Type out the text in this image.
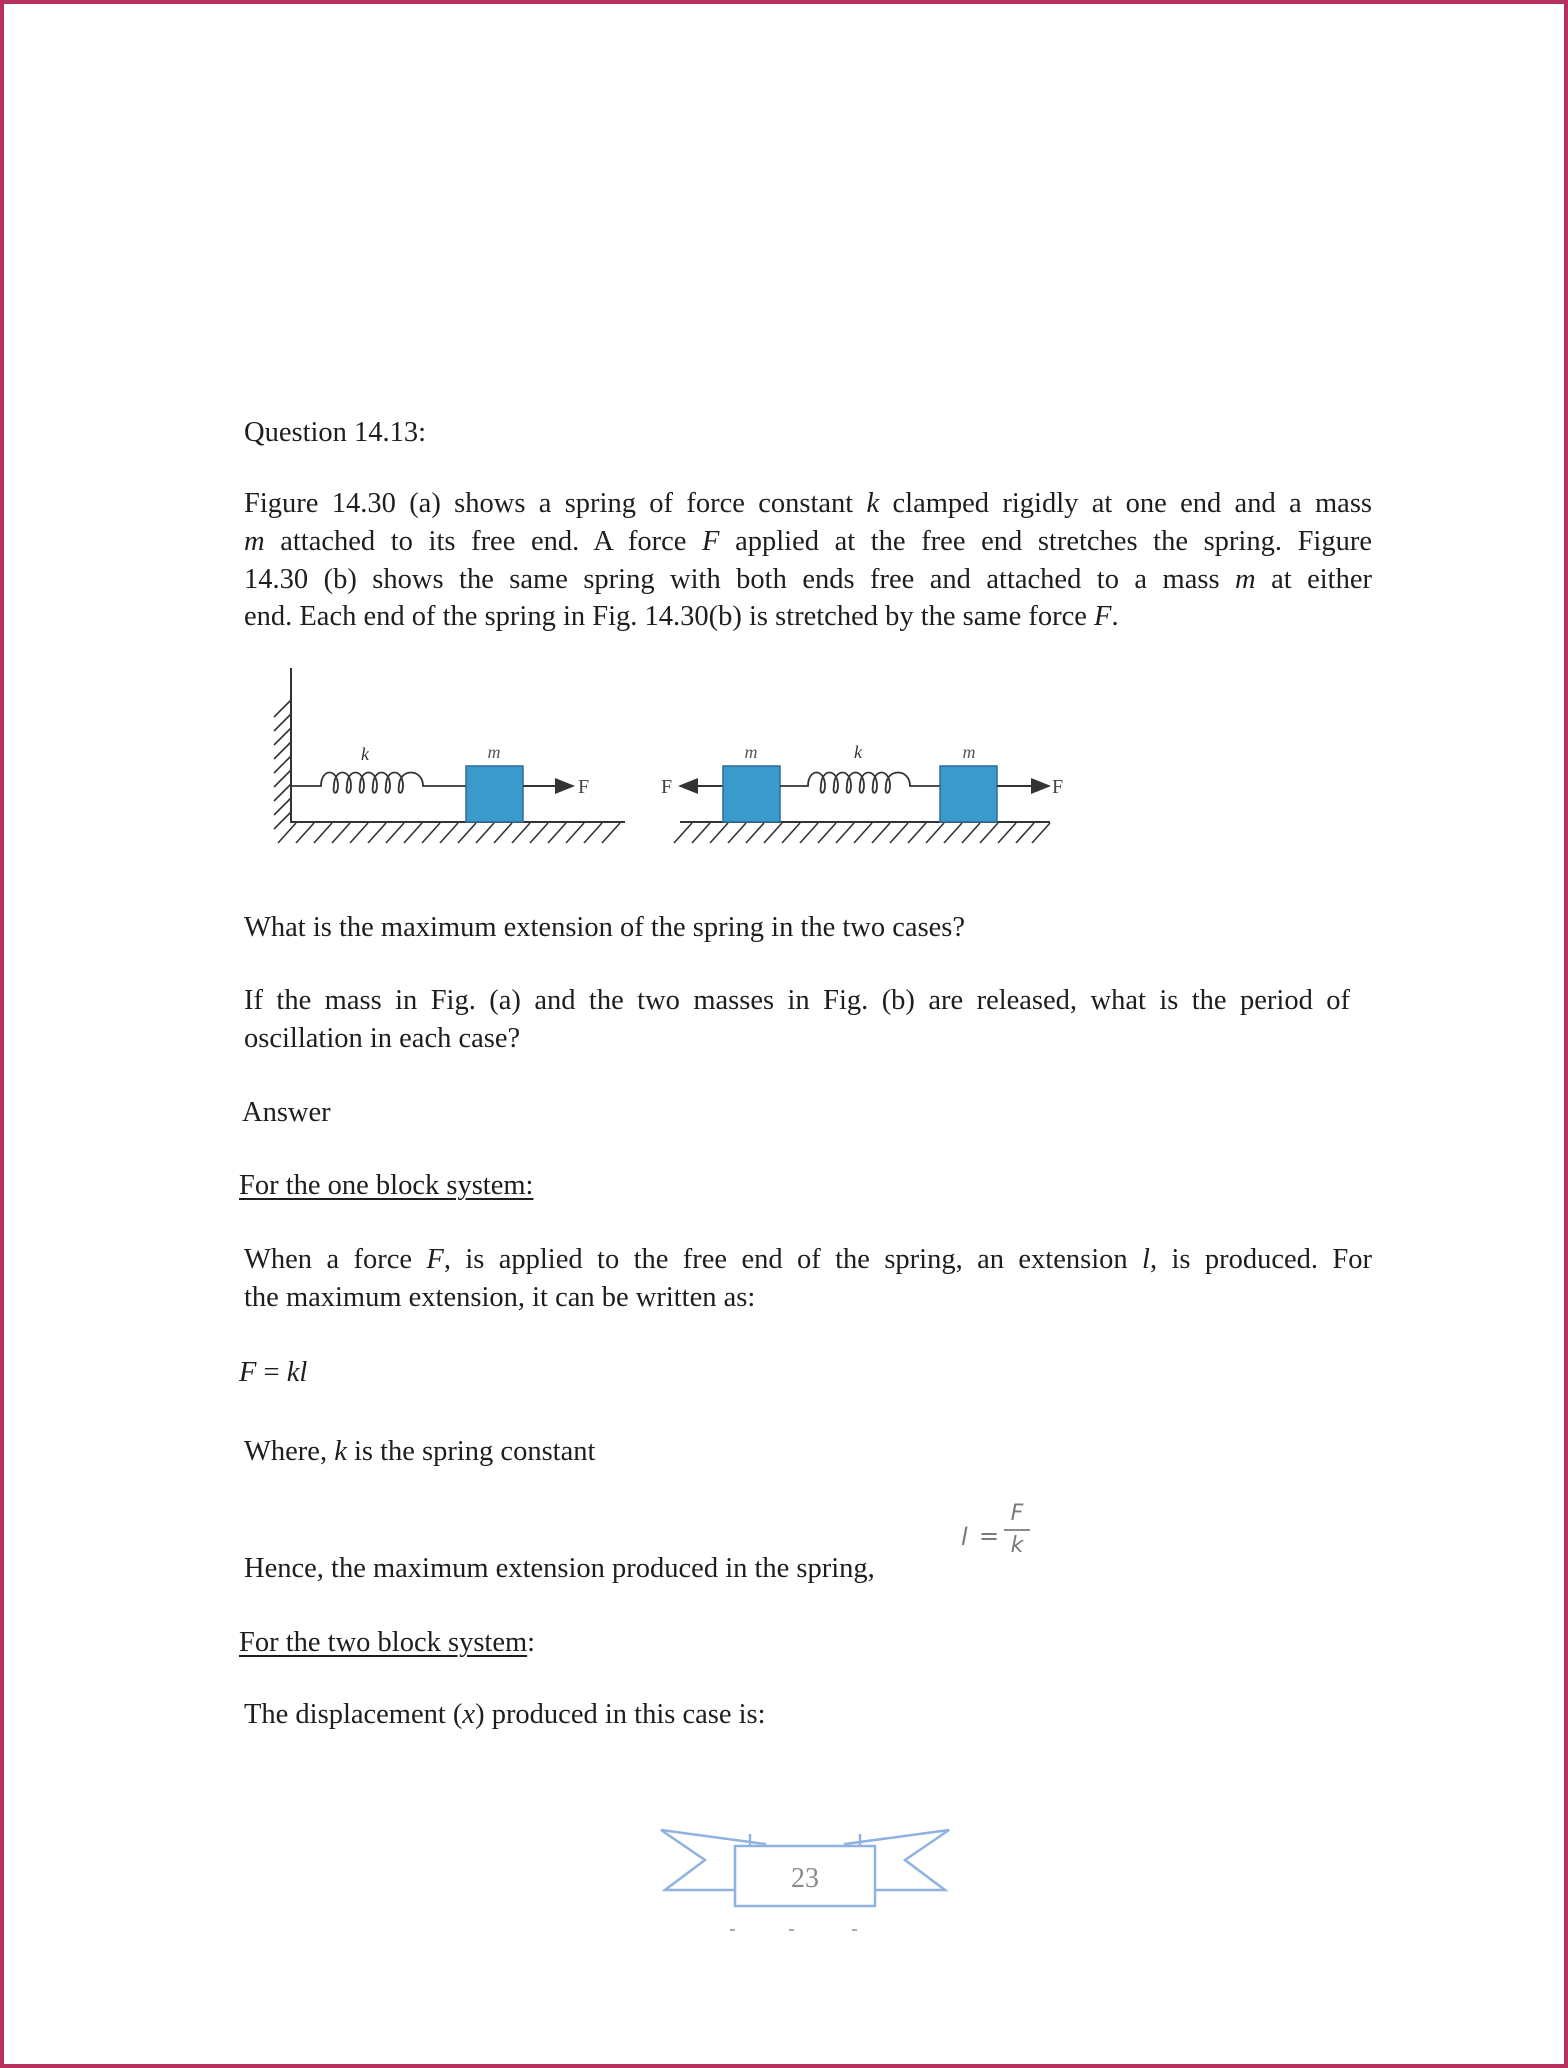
Question 14.13:
Figure 14.30 (a) shows a spring of force constant k clamped rigidly at one end and a mass
m attached to its free end. A force F applied at the free end stretches the spring. Figure
14.30 (b) shows the same spring with both ends free and attached to a mass m at either
end. Each end of the spring in Fig. 14.30(b) is stretched by the same force F.
k	m
F	F
m	k	m
F
What is the maximum extension of the spring in the two cases?
If the mass in Fig. (a) and the two masses in Fig. (b) are released, what is the period of
oscillation in each case?
Answer
For the one block system:
When a force F, is applied to the free end of the spring, an extension l, is produced. For
the maximum extension, it can be written as:
F = kl
Where, k is the spring constant
Hence, the maximum extension produced in the spring,
l =
F
k
For the two block system:
The displacement (x) produced in this case is:
23
